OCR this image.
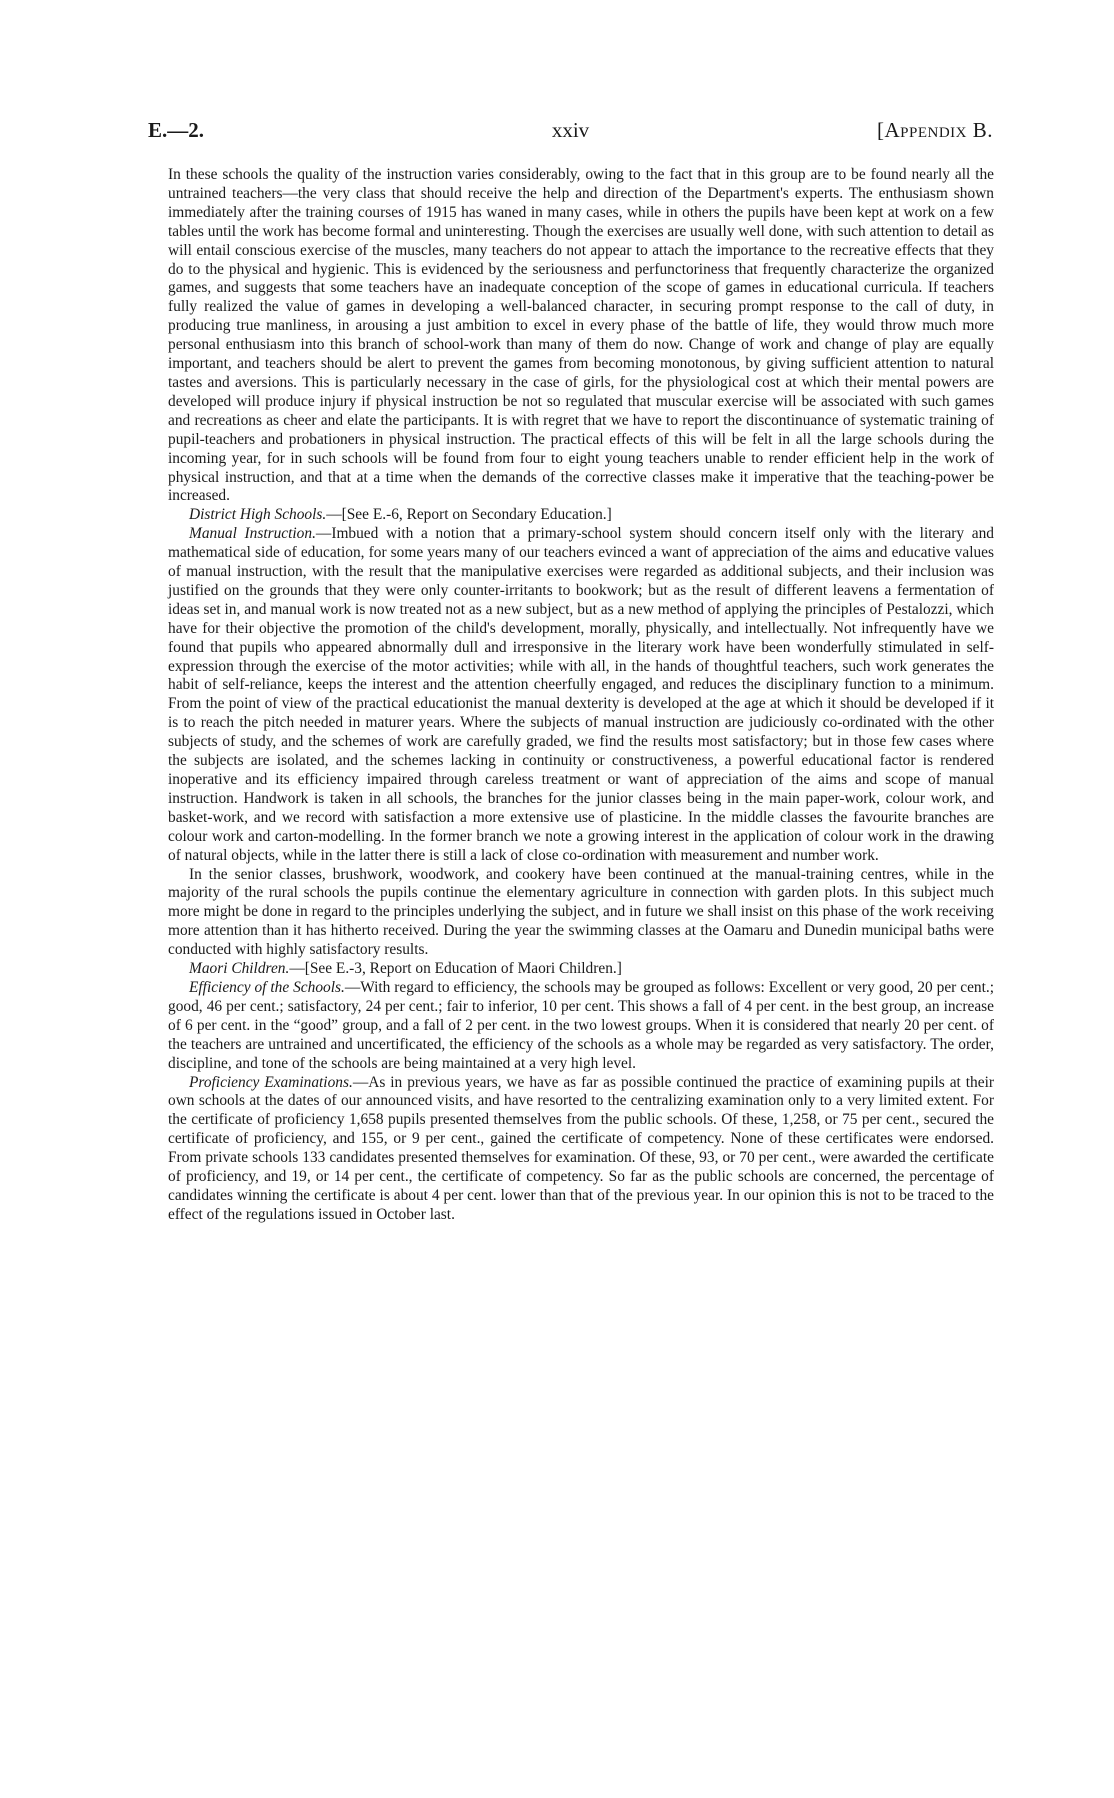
E.—2.	xxiv	[Appendix B.

In these schools the quality of the instruction varies considerably, owing to the fact that in this group are to be found nearly all the untrained teachers—the very class that should receive the help and direction of the Department's experts. The enthusiasm shown immediately after the training courses of 1915 has waned in many cases, while in others the pupils have been kept at work on a few tables until the work has become formal and uninteresting. Though the exercises are usually well done, with such attention to detail as will entail conscious exercise of the muscles, many teachers do not appear to attach the importance to the recreative effects that they do to the physical and hygienic. This is evidenced by the seriousness and perfunctoriness that frequently characterize the organized games, and suggests that some teachers have an inadequate conception of the scope of games in educational curricula. If teachers fully realized the value of games in developing a well-balanced character, in securing prompt response to the call of duty, in producing true manliness, in arousing a just ambition to excel in every phase of the battle of life, they would throw much more personal enthusiasm into this branch of school-work than many of them do now. Change of work and change of play are equally important, and teachers should be alert to prevent the games from becoming monotonous, by giving sufficient attention to natural tastes and aversions. This is particularly necessary in the case of girls, for the physiological cost at which their mental powers are developed will produce injury if physical instruction be not so regulated that muscular exercise will be associated with such games and recreations as cheer and elate the participants. It is with regret that we have to report the discontinuance of systematic training of pupil-teachers and probationers in physical instruction. The practical effects of this will be felt in all the large schools during the incoming year, for in such schools will be found from four to eight young teachers unable to render efficient help in the work of physical instruction, and that at a time when the demands of the corrective classes make it imperative that the teaching-power be increased.

District High Schools.—[See E.-6, Report on Secondary Education.]

Manual Instruction.—Imbued with a notion that a primary-school system should concern itself only with the literary and mathematical side of education, for some years many of our teachers evinced a want of appreciation of the aims and educative values of manual instruction, with the result that the manipulative exercises were regarded as additional subjects, and their inclusion was justified on the grounds that they were only counter-irritants to bookwork; but as the result of different leavens a fermentation of ideas set in, and manual work is now treated not as a new subject, but as a new method of applying the principles of Pestalozzi, which have for their objective the promotion of the child's development, morally, physically, and intellectually. Not infrequently have we found that pupils who appeared abnormally dull and irresponsive in the literary work have been wonderfully stimulated in self-expression through the exercise of the motor activities; while with all, in the hands of thoughtful teachers, such work generates the habit of self-reliance, keeps the interest and the attention cheerfully engaged, and reduces the disciplinary function to a minimum. From the point of view of the practical educationist the manual dexterity is developed at the age at which it should be developed if it is to reach the pitch needed in maturer years. Where the subjects of manual instruction are judiciously co-ordinated with the other subjects of study, and the schemes of work are carefully graded, we find the results most satisfactory; but in those few cases where the subjects are isolated, and the schemes lacking in continuity or constructiveness, a powerful educational factor is rendered inoperative and its efficiency impaired through careless treatment or want of appreciation of the aims and scope of manual instruction. Handwork is taken in all schools, the branches for the junior classes being in the main paper-work, colour work, and basket-work, and we record with satisfaction a more extensive use of plasticine. In the middle classes the favourite branches are colour work and carton-modelling. In the former branch we note a growing interest in the application of colour work in the drawing of natural objects, while in the latter there is still a lack of close co-ordination with measurement and number work.

In the senior classes, brushwork, woodwork, and cookery have been continued at the manual-training centres, while in the majority of the rural schools the pupils continue the elementary agriculture in connection with garden plots. In this subject much more might be done in regard to the principles underlying the subject, and in future we shall insist on this phase of the work receiving more attention than it has hitherto received. During the year the swimming classes at the Oamaru and Dunedin municipal baths were conducted with highly satisfactory results.

Maori Children.—[See E.-3, Report on Education of Maori Children.]

Efficiency of the Schools.—With regard to efficiency, the schools may be grouped as follows: Excellent or very good, 20 per cent.; good, 46 per cent.; satisfactory, 24 per cent.; fair to inferior, 10 per cent. This shows a fall of 4 per cent. in the best group, an increase of 6 per cent. in the “good” group, and a fall of 2 per cent. in the two lowest groups. When it is considered that nearly 20 per cent. of the teachers are untrained and uncertificated, the efficiency of the schools as a whole may be regarded as very satisfactory. The order, discipline, and tone of the schools are being maintained at a very high level.

Proficiency Examinations.—As in previous years, we have as far as possible continued the practice of examining pupils at their own schools at the dates of our announced visits, and have resorted to the centralizing examination only to a very limited extent. For the certificate of proficiency 1,658 pupils presented themselves from the public schools. Of these, 1,258, or 75 per cent., secured the certificate of proficiency, and 155, or 9 per cent., gained the certificate of competency. None of these certificates were endorsed. From private schools 133 candidates presented themselves for examination. Of these, 93, or 70 per cent., were awarded the certificate of proficiency, and 19, or 14 per cent., the certificate of competency. So far as the public schools are concerned, the percentage of candidates winning the certificate is about 4 per cent. lower than that of the previous year. In our opinion this is not to be traced to the effect of the regulations issued in October last.
